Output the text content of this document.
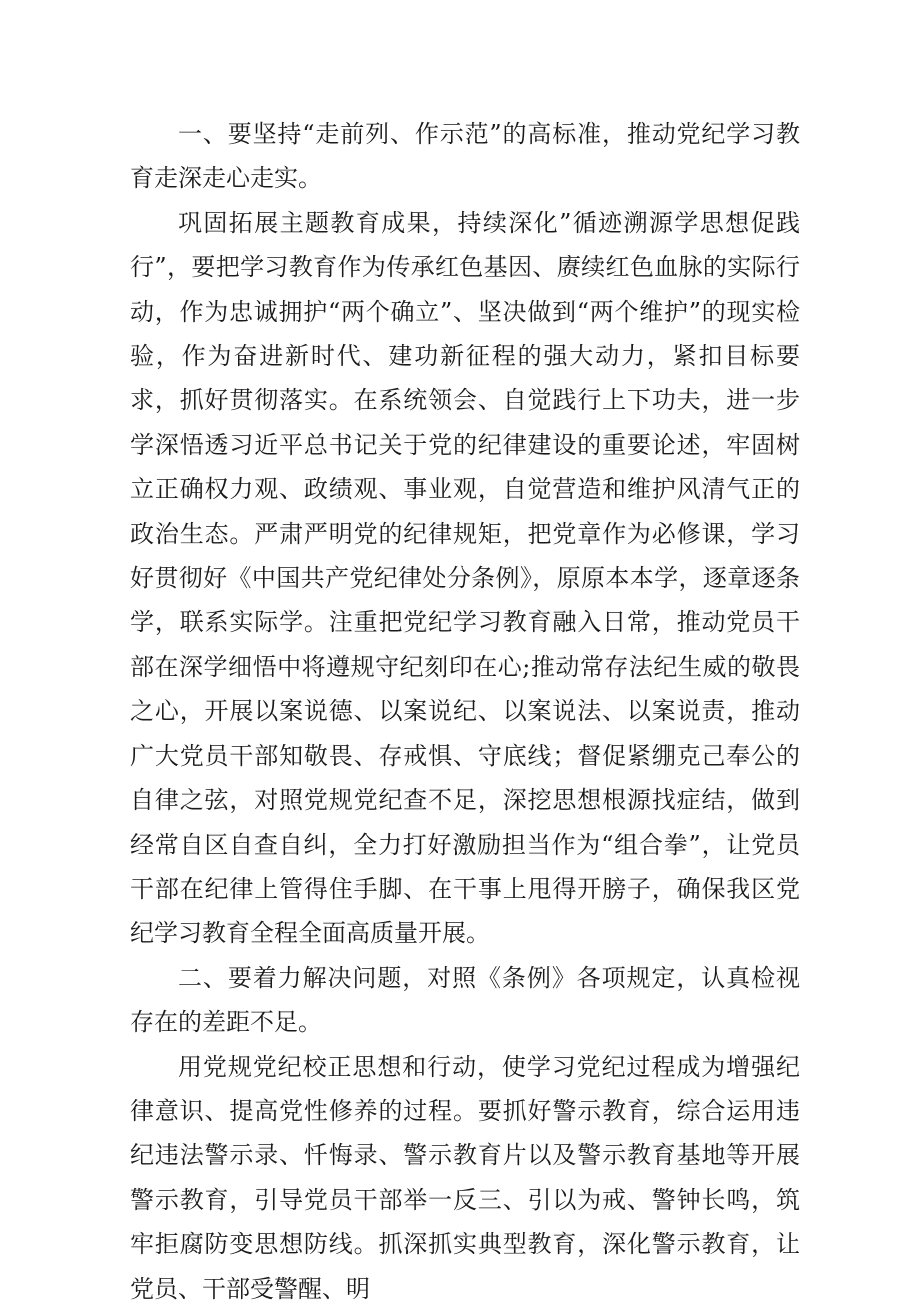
一、要坚持“走前列、作示范”的高标准，推动党纪学习教育走深走心走实。

巩固拓展主题教育成果，持续深化”循迹溯源学思想促践行”，要把学习教育作为传承红色基因、赓续红色血脉的实际行动，作为忠诚拥护“两个确立”、坚决做到“两个维护”的现实检验，作为奋进新时代、建功新征程的强大动力，紧扣目标要求，抓好贯彻落实。在系统领会、自觉践行上下功夫，进一步学深悟透习近平总书记关于党的纪律建设的重要论述，牢固树立正确权力观、政绩观、事业观，自觉营造和维护风清气正的政治生态。严肃严明党的纪律规矩，把党章作为必修课，学习好贯彻好《中国共产党纪律处分条例》，原原本本学，逐章逐条学，联系实际学。注重把党纪学习教育融入日常，推动党员干部在深学细悟中将遵规守纪刻印在心;推动常存法纪生威的敬畏之心，开展以案说德、以案说纪、以案说法、以案说责，推动广大党员干部知敬畏、存戒惧、守底线；督促紧绷克己奉公的自律之弦，对照党规党纪查不足，深挖思想根源找症结，做到经常自区自查自纠，全力打好激励担当作为“组合拳”，让党员干部在纪律上管得住手脚、在干事上甩得开膀子，确保我区党纪学习教育全程全面高质量开展。

二、要着力解决问题，对照《条例》各项规定，认真检视存在的差距不足。

用党规党纪校正思想和行动，使学习党纪过程成为增强纪律意识、提高党性修养的过程。要抓好警示教育，综合运用违纪违法警示录、忏悔录、警示教育片以及警示教育基地等开展警示教育，引导党员干部举一反三、引以为戒、警钟长鸣，筑牢拒腐防变思想防线。抓深抓实典型教育，深化警示教育，让党员、干部受警醒、明
